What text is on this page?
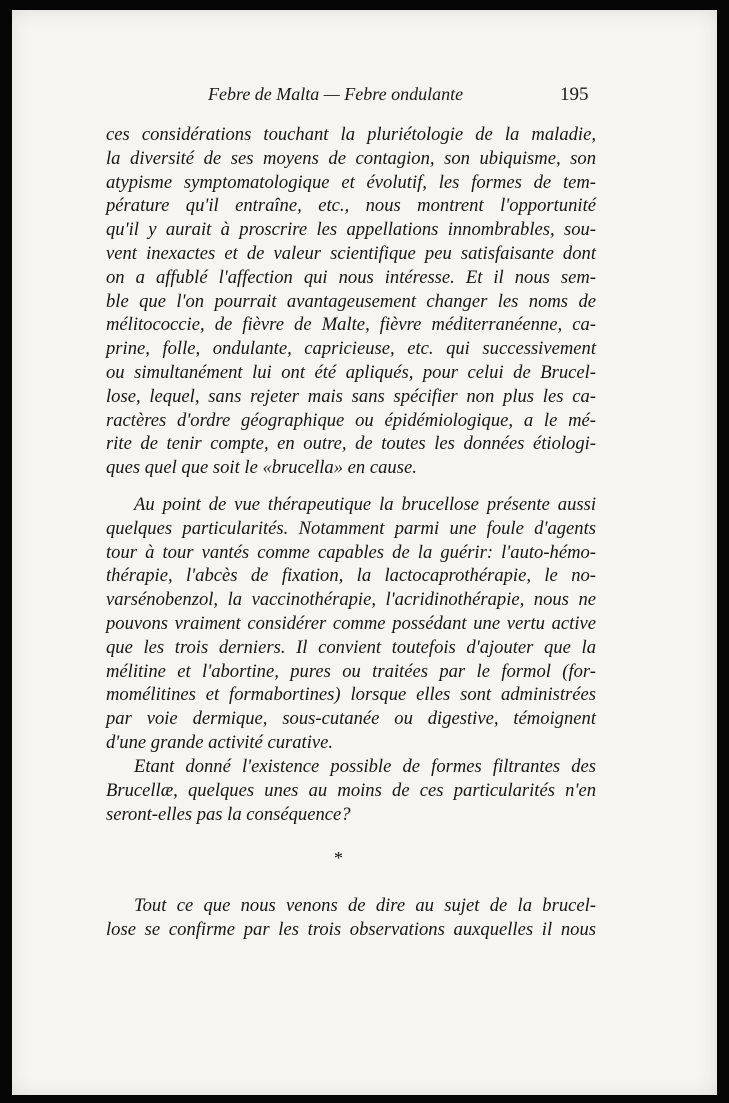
Febre de Malta — Febre ondulante	195
ces considérations touchant la pluriétologie de la maladie,
la diversité de ses moyens de contagion, son ubiquisme, son
atypisme symptomatologique et évolutif, les formes de tem-
pérature qu'il entraîne, etc., nous montrent l'opportunité
qu'il y aurait à proscrire les appellations innombrables, sou-
vent inexactes et de valeur scientifique peu satisfaisante dont
on a affublé l'affection qui nous intéresse. Et il nous sem-
ble que l'on pourrait avantageusement changer les noms de
mélitococcie, de fièvre de Malte, fièvre méditerranéenne, ca-
prine, folle, ondulante, capricieuse, etc. qui successivement
ou simultanément lui ont été apliqués, pour celui de Brucel-
lose, lequel, sans rejeter mais sans spécifier non plus les ca-
ractères d'ordre géographique ou épidémiologique, a le mé-
rite de tenir compte, en outre, de toutes les données étiologi-
ques quel que soit le «brucella» en cause.
Au point de vue thérapeutique la brucellose présente aussi
quelques particularités. Notamment parmi une foule d'agents
tour à tour vantés comme capables de la guérir: l'auto-hémo-
thérapie, l'abcès de fixation, la lactocaprothérapie, le no-
varsénobenzol, la vaccinothérapie, l'acridinothérapie, nous ne
pouvons vraiment considérer comme possédant une vertu active
que les trois derniers. Il convient toutefois d'ajouter que la
mélitine et l'abortine, pures ou traitées par le formol (for-
momélitines et formabortines) lorsque elles sont administrées
par voie dermique, sous-cutanée ou digestive, témoignent
d'une grande activité curative.
Etant donné l'existence possible de formes filtrantes des
Brucellæ, quelques unes au moins de ces particularités n'en
seront-elles pas la conséquence?
*
Tout ce que nous venons de dire au sujet de la brucel-
lose se confirme par les trois observations auxquelles il nous
